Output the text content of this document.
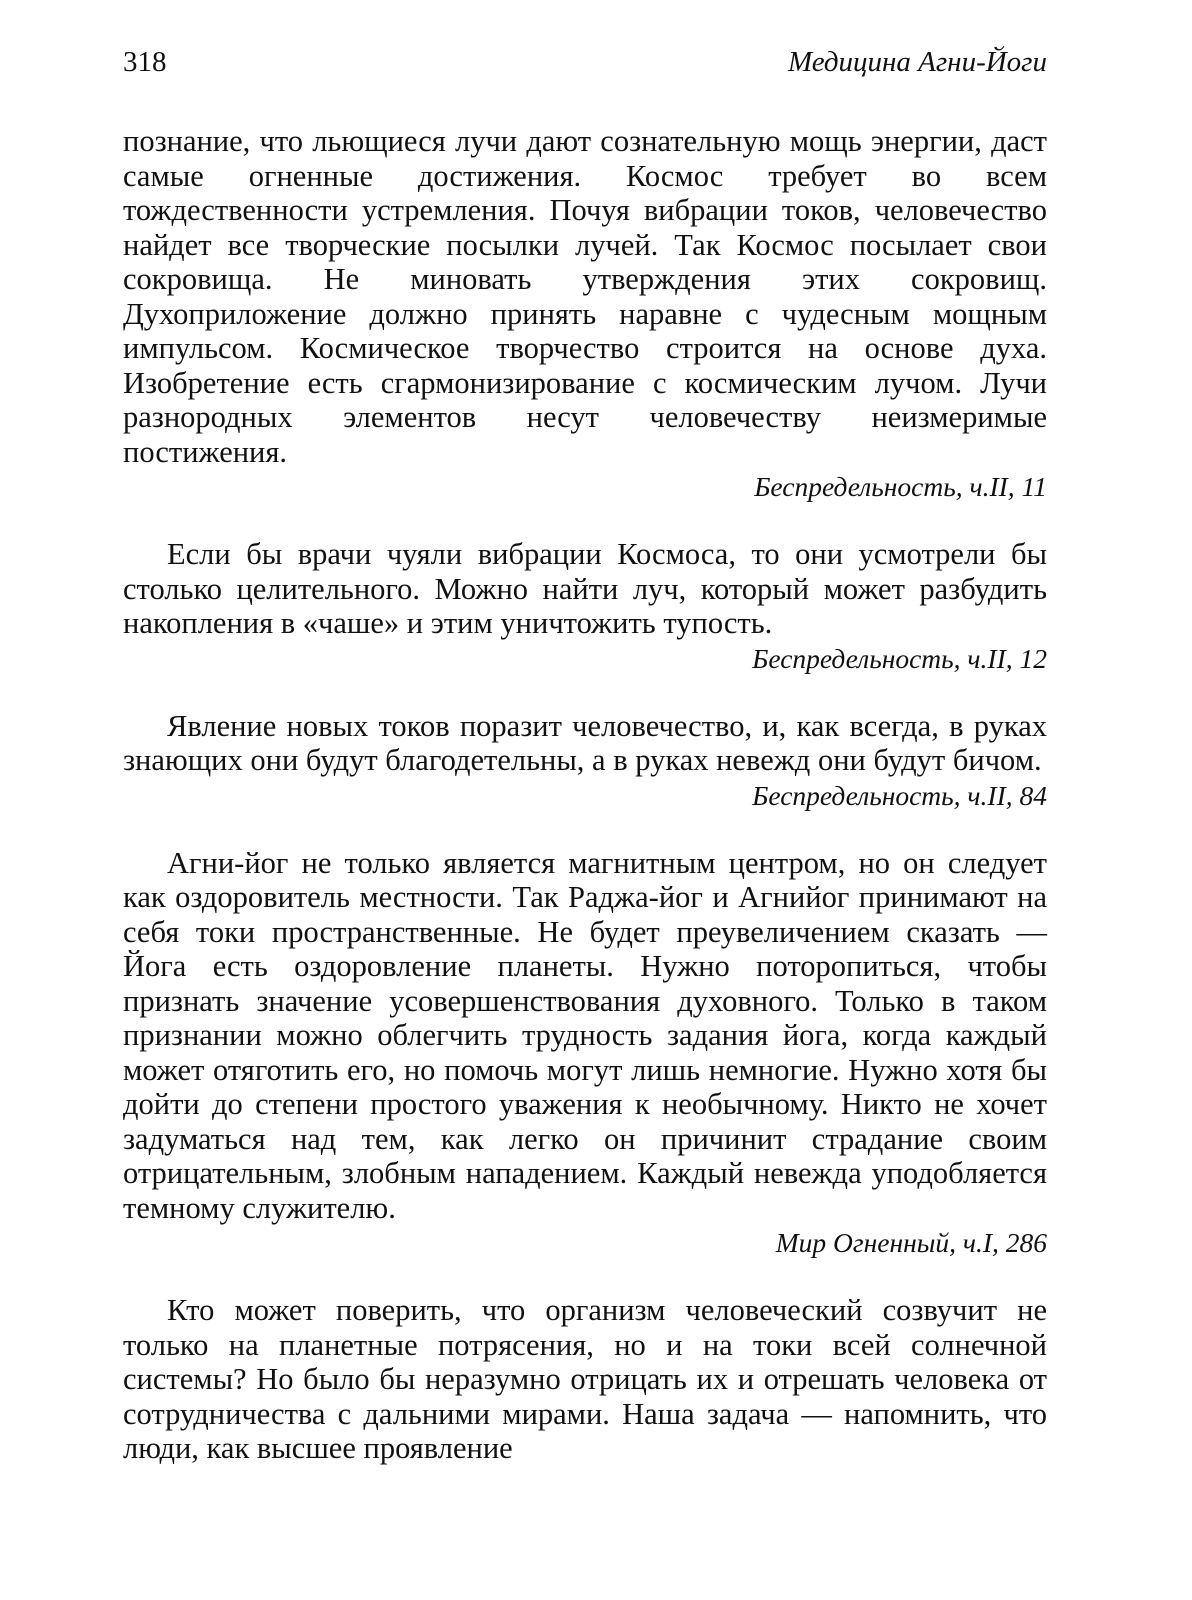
318	Медицина Агни-Йоги

познание, что льющиеся лучи дают сознательную мощь энергии, даст самые огненные достижения. Космос требует во всем тождественности устремления. Почуя вибрации токов, человечество найдет все творческие посылки лучей. Так Космос посылает свои сокровища. Не миновать утверждения этих сокровищ. Духоприложение должно принять наравне с чудесным мощным импульсом. Космическое творчество строится на основе духа. Изобретение есть сгармонизирование с космическим лучом. Лучи разнородных элементов несут человечеству неизмеримые постижения.

Беспредельность, ч.II, 11

Если бы врачи чуяли вибрации Космоса, то они усмотрели бы столько целительного. Можно найти луч, который может разбудить накопления в «чаше» и этим уничтожить тупость.

Беспредельность, ч.II, 12

Явление новых токов поразит человечество, и, как всегда, в руках знающих они будут благодетельны, а в руках невежд они будут бичом.

Беспредельность, ч.II, 84

Агни-йог не только является магнитным центром, но он следует как оздоровитель местности. Так Раджа-йог и Агнийог принимают на себя токи пространственные. Не будет преувеличением сказать — Йога есть оздоровление планеты. Нужно поторопиться, чтобы признать значение усовершенствования духовного. Только в таком признании можно облегчить трудность задания йога, когда каждый может отяготить его, но помочь могут лишь немногие. Нужно хотя бы дойти до степени простого уважения к необычному. Никто не хочет задуматься над тем, как легко он причинит страдание своим отрицательным, злобным нападением. Каждый невежда уподобляется темному служителю.

Мир Огненный, ч.I, 286

Кто может поверить, что организм человеческий созвучит не только на планетные потрясения, но и на токи всей солнечной системы? Но было бы неразумно отрицать их и отрешать человека от сотрудничества с дальними мирами. Наша задача — напомнить, что люди, как высшее проявление
